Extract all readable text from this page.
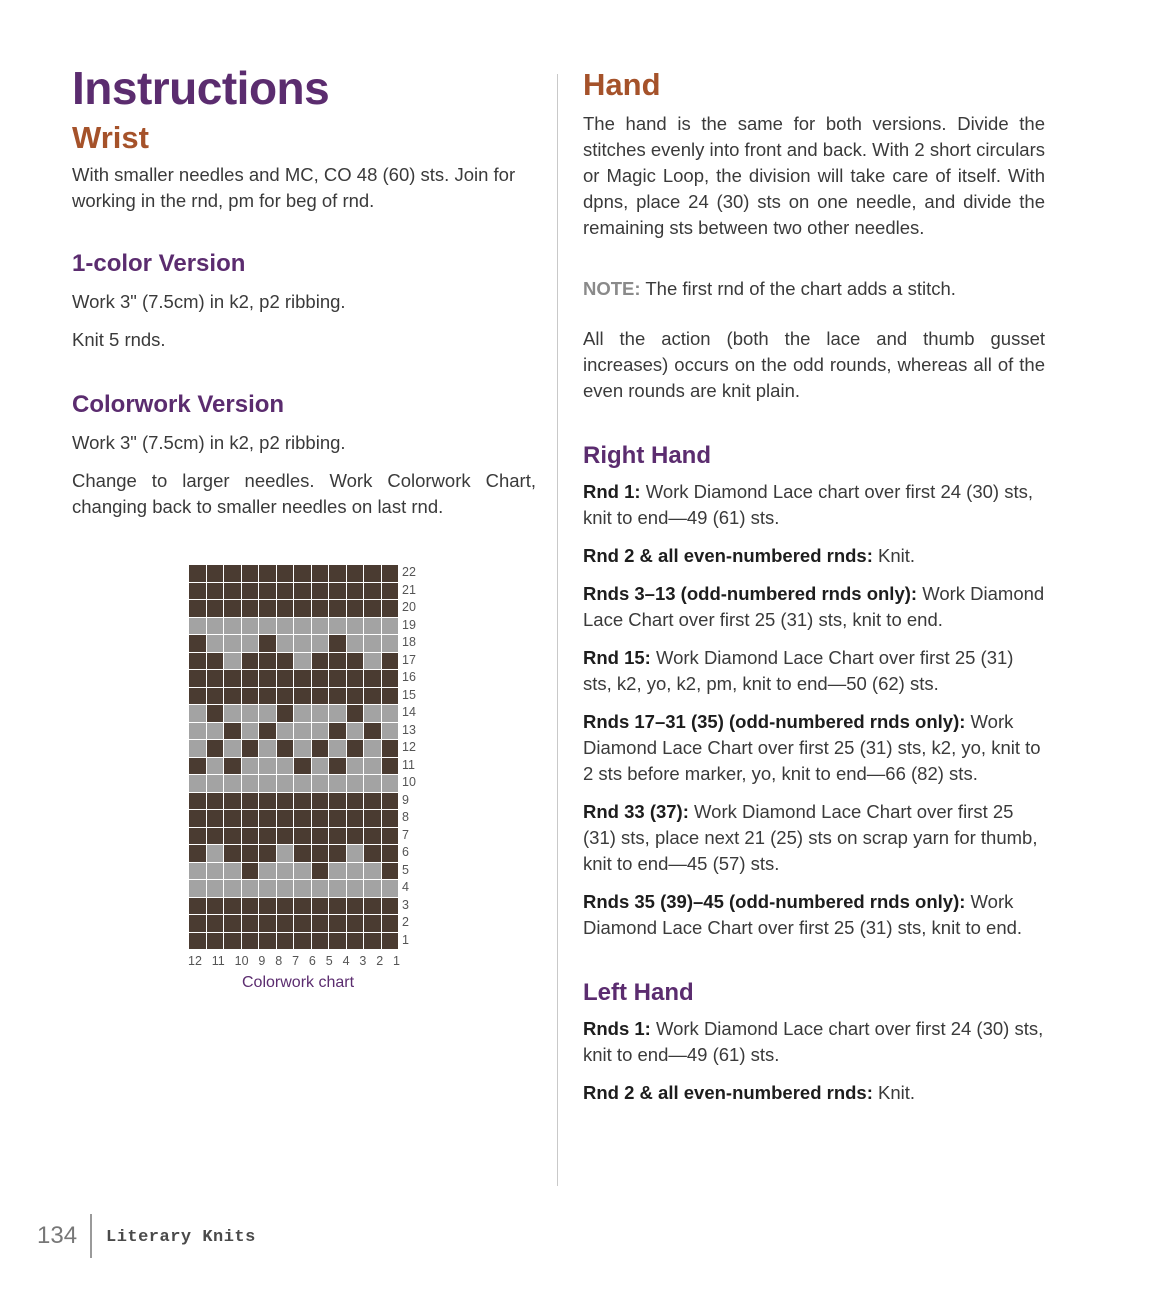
Instructions
Wrist

With smaller needles and MC, CO 48 (60) sts. Join for working in the rnd, pm for beg of rnd.

1-color Version

Work 3" (7.5cm) in k2, p2 ribbing.

Knit 5 rnds.

Colorwork Version

Work 3" (7.5cm) in k2, p2 ribbing.

Change to larger needles. Work Colorwork Chart, changing back to smaller needles on last rnd.

22
21
20
19
18
17
16
15
14
13
12
11
10
9
8
7
6
5
4
3
2
1
12 11 10 9 8 7 6 5 4 3 2 1
Colorwork chart
Hand

The hand is the same for both versions. Divide the stitches evenly into front and back. With 2 short circulars or Magic Loop, the division will take care of itself. With dpns, place 24 (30) sts on one needle, and divide the remaining sts between two other needles.

NOTE: The first rnd of the chart adds a stitch.

All the action (both the lace and thumb gusset increases) occurs on the odd rounds, whereas all of the even rounds are knit plain.

Right Hand

Rnd 1: Work Diamond Lace chart over first 24 (30) sts, knit to end—49 (61) sts.

Rnd 2 & all even-numbered rnds: Knit.

Rnds 3–13 (odd-numbered rnds only): Work Diamond Lace Chart over first 25 (31) sts, knit to end.

Rnd 15: Work Diamond Lace Chart over first 25 (31) sts, k2, yo, k2, pm, knit to end—50 (62) sts.

Rnds 17–31 (35) (odd-numbered rnds only): Work Diamond Lace Chart over first 25 (31) sts, k2, yo, knit to 2 sts before marker, yo, knit to end—66 (82) sts.

Rnd 33 (37): Work Diamond Lace Chart over first 25 (31) sts, place next 21 (25) sts on scrap yarn for thumb, knit to end—45 (57) sts.

Rnds 35 (39)–45 (odd-numbered rnds only): Work Diamond Lace Chart over first 25 (31) sts, knit to end.

Left Hand

Rnds 1: Work Diamond Lace chart over first 24 (30) sts, knit to end—49 (61) sts.

Rnd 2 & all even-numbered rnds: Knit.

134 Literary Knits
